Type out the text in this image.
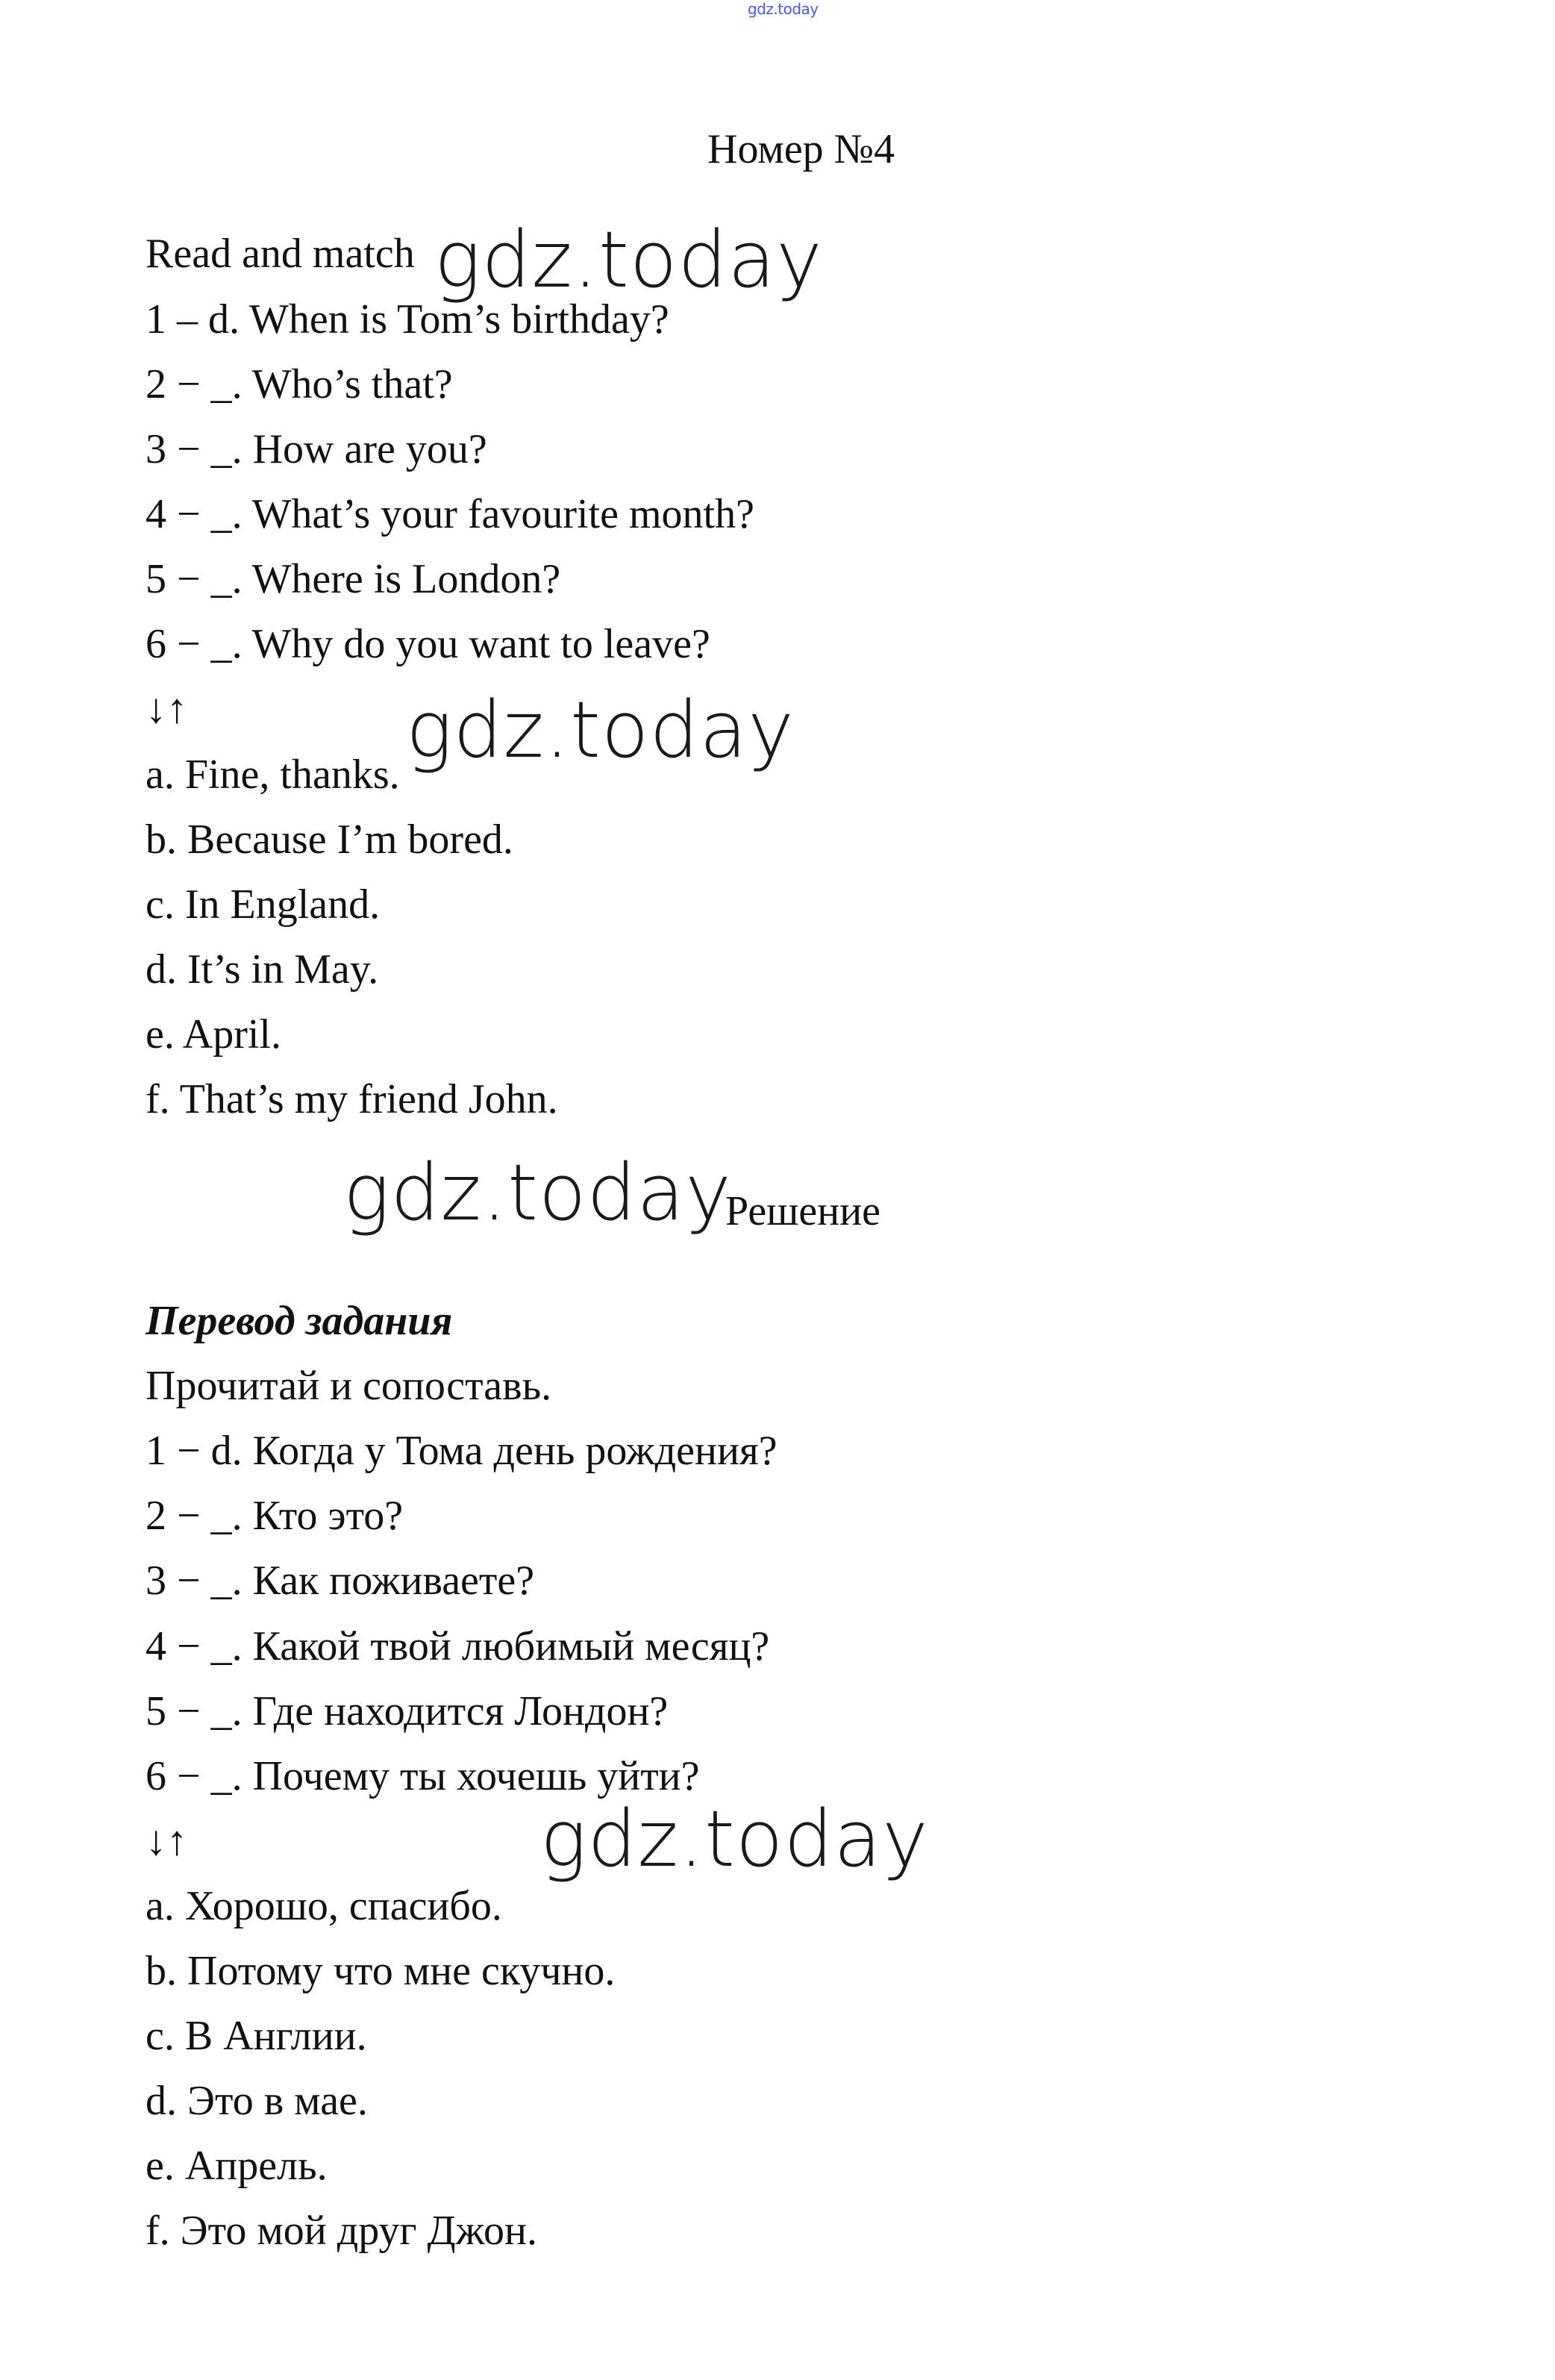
gdz.today
Номер №4
Read and match
1 – d. When is Tom’s birthday?
2 − _. Who’s that?
3 − _. How are you?
4 − _. What’s your favourite month?
5 − _. Where is London?
6 − _. Why do you want to leave?
↓↑
a. Fine, thanks.
b. Because I’m bored.
c. In England.
d. It’s in May.
e. April.
f. That’s my friend John.
Решение
Перевод задания
Прочитай и сопоставь.
1 − d. Когда у Тома день рождения?
2 − _. Кто это?
3 − _. Как поживаете?
4 − _. Какой твой любимый месяц?
5 − _. Где находится Лондон?
6 − _. Почему ты хочешь уйти?
↓↑
a. Хорошо, спасибо.
b. Потому что мне скучно.
c. В Англии.
d. Это в мае.
e. Апрель.
f. Это мой друг Джон.
gdz.today
gdz.today
gdz.today
gdz.today
